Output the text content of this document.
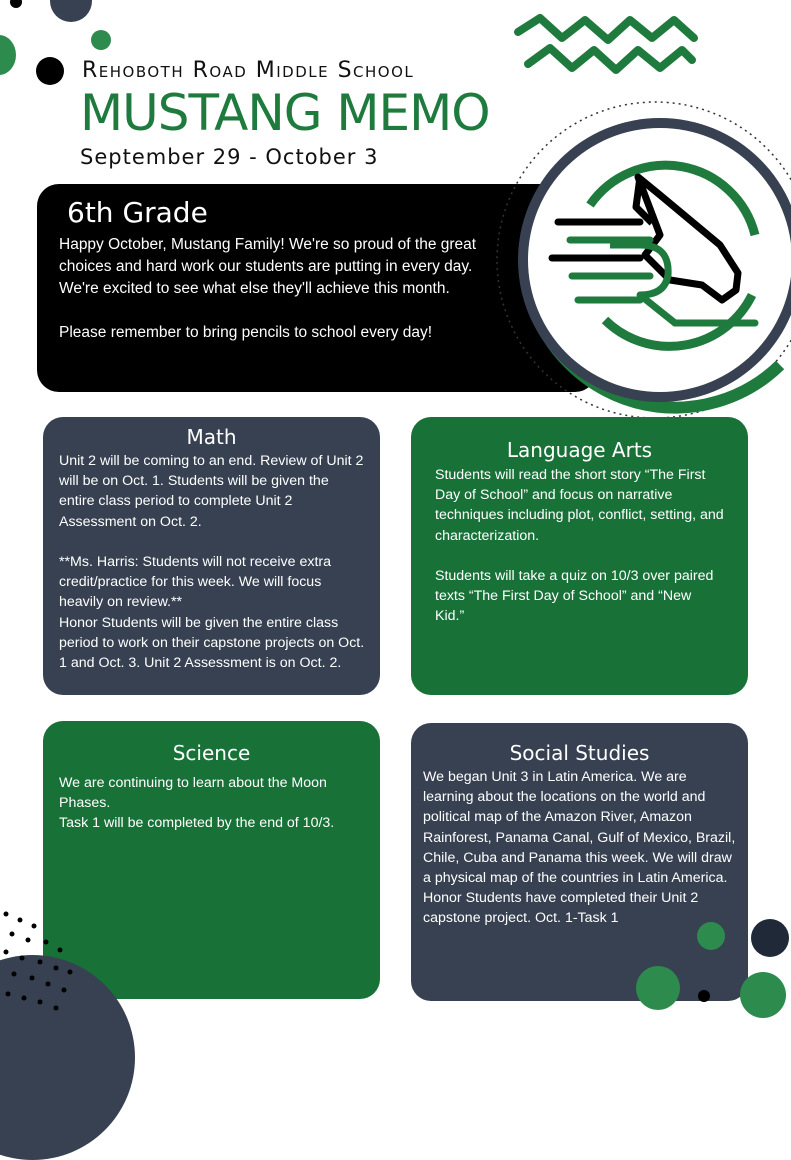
Rehoboth Road Middle School
MUSTANG MEMO
September 29 - October 3
6th Grade
Happy October, Mustang Family! We're so proud of the great choices and hard work our students are putting in every day. We're excited to see what else they'll achieve this month.

Please remember to bring pencils to school every day!
Math
Unit 2 will be coming to an end. Review of Unit 2 will be on Oct. 1. Students will be given the entire class period to complete Unit 2 Assessment on Oct. 2.

**Ms. Harris: Students will not receive extra credit/practice for this week. We will focus heavily on review.**
Honor Students will be given the entire class period to work on their capstone projects on Oct. 1 and Oct. 3. Unit 2 Assessment is on Oct. 2.
Language Arts
Students will read the short story “The First Day of School” and focus on narrative techniques including plot, conflict, setting, and characterization.

Students will take a quiz on 10/3 over paired texts “The First Day of School” and “New Kid.”
Science
We are continuing to learn about the Moon Phases.
Task 1 will be completed by the end of 10/3.
Social Studies
We began Unit 3 in Latin America. We are learning about the locations on the world and political map of the Amazon River, Amazon Rainforest, Panama Canal, Gulf of Mexico, Brazil, Chile, Cuba and Panama this week. We will draw a physical map of the countries in Latin America. Honor Students have completed their Unit 2 capstone project. Oct. 1-Task 1
